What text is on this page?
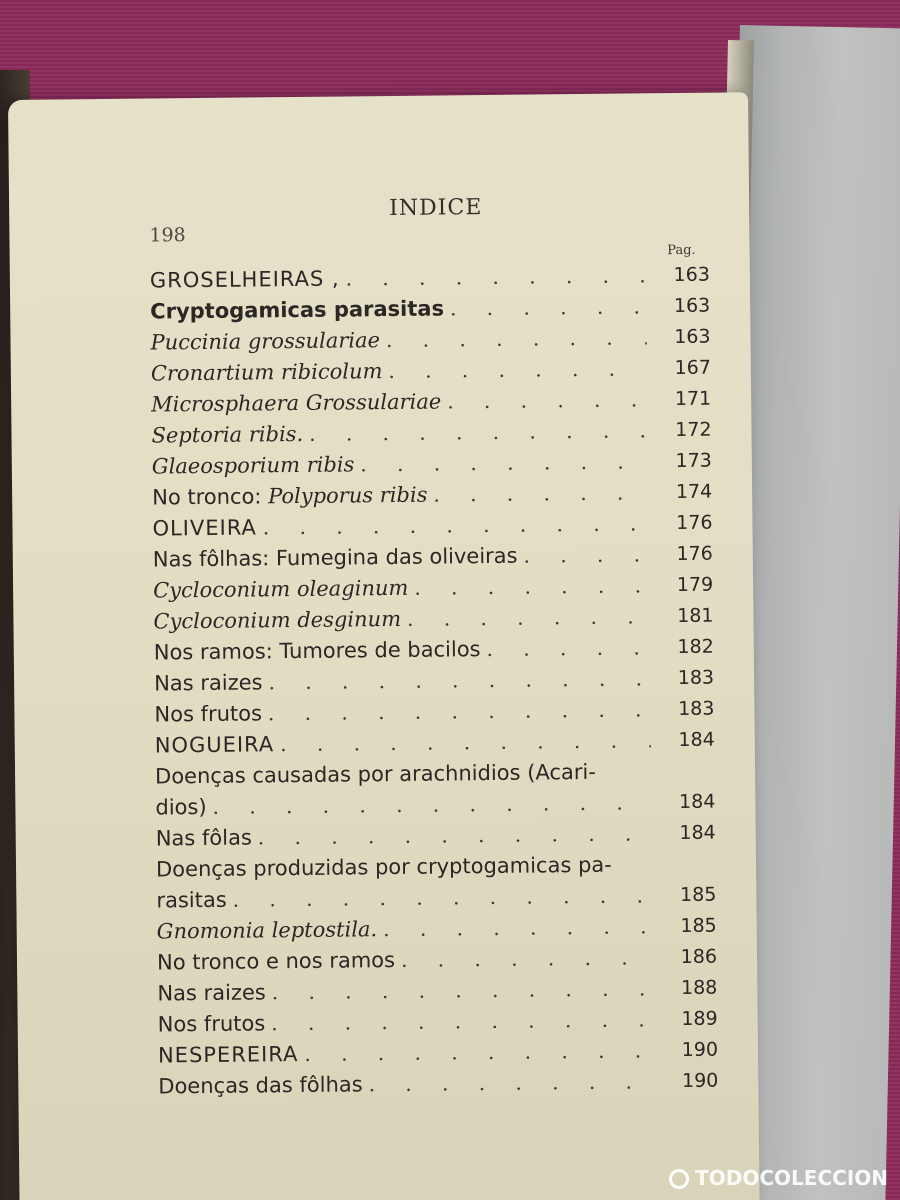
198
INDICE
Pag.
GROSELHEIRAS , . . .	163
Cryptogamicas parasitas . . .	163
Puccinia grossulariae . . .	163
Cronartium ribicolum . . .	167
Microsphaera Grossulariae . . .	171
Septoria ribis. . . .	172
Glaeosporium ribis . . .	173
No tronco: Polyporus ribis . . .	174
OLIVEIRA . . .	176
Nas fôlhas: Fumegina das oliveiras . . .	176
Cycloconium oleaginum . . .	179
Cycloconium desginum . . .	181
Nos ramos: Tumores de bacilos . . .	182
Nas raizes . . .	183
Nos frutos . . .	183
NOGUEIRA . . .	184
Doenças causadas por arachnidios (Acari-
dios) . . .	184
Nas fôlas . . .	184
Doenças produzidas por cryptogamicas pa-
rasitas . . .	185
Gnomonia leptostila. . . .	185
No tronco e nos ramos . . .	186
Nas raizes . . .	188
Nos frutos . . .	189
NESPEREIRA . . .	190
Doenças das fôlhas . . .	190
TODOCOLECCION
